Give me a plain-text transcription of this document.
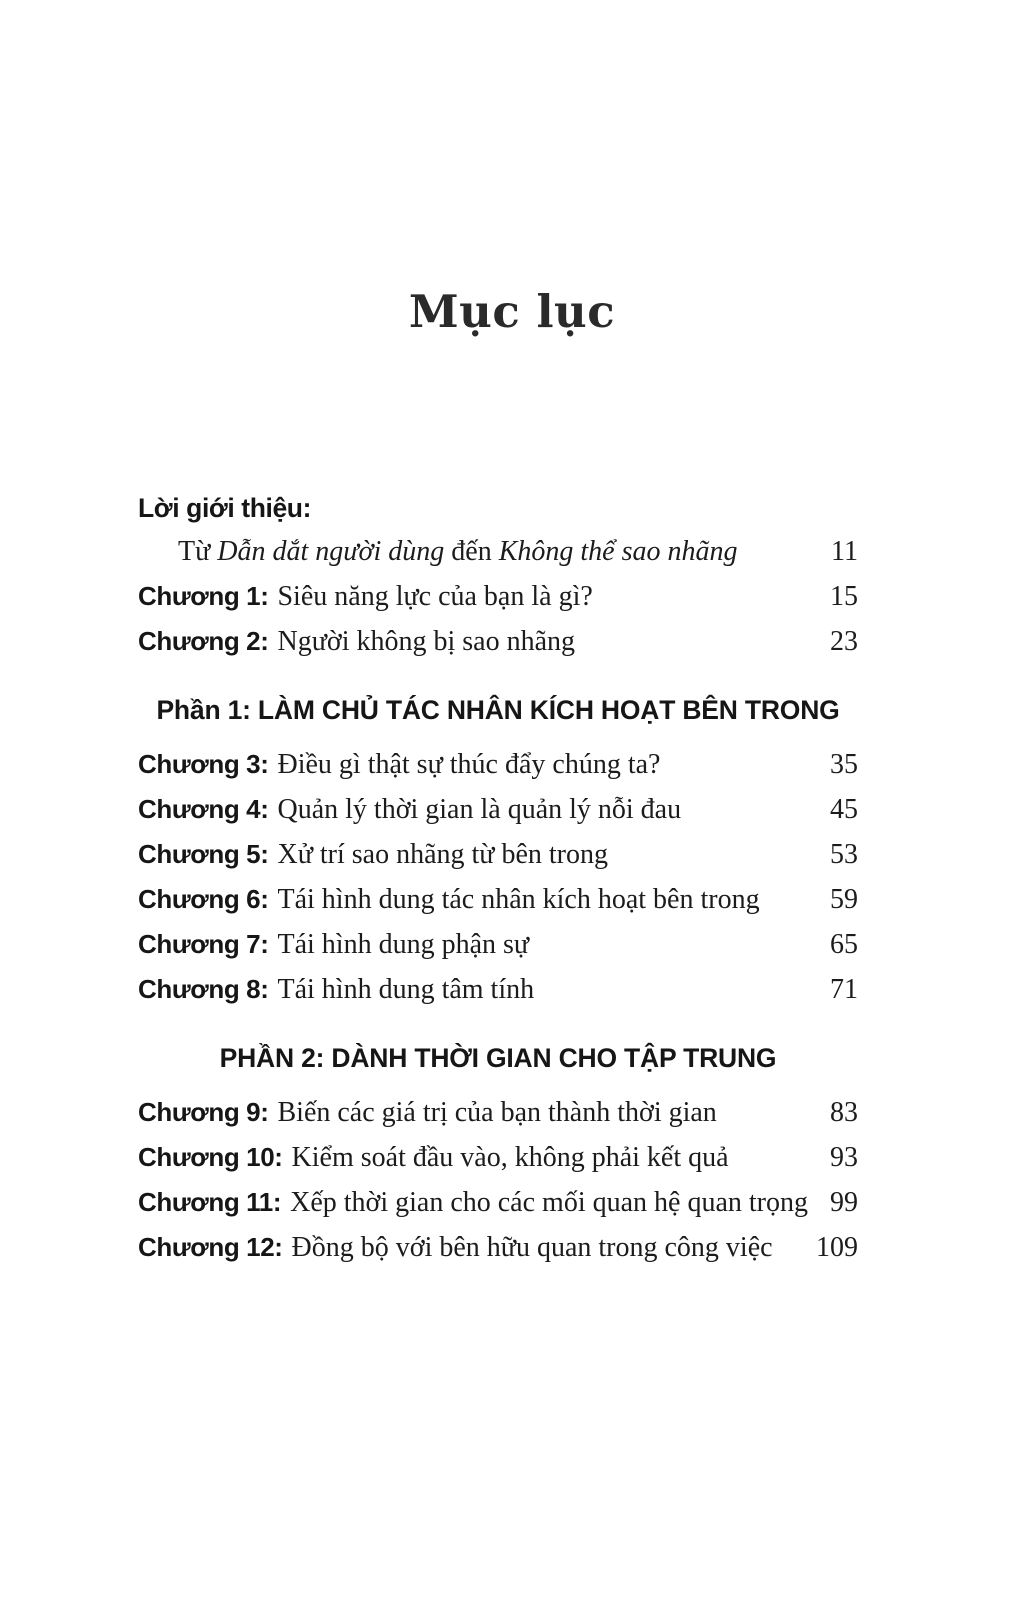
Mục lục
Lời giới thiệu:
Từ Dẫn dắt người dùng đến Không thể sao nhãng	11
Chương 1: Siêu năng lực của bạn là gì?	15
Chương 2: Người không bị sao nhãng	23
Phần 1: LÀM CHỦ TÁC NHÂN KÍCH HOẠT BÊN TRONG
Chương 3: Điều gì thật sự thúc đẩy chúng ta?	35
Chương 4: Quản lý thời gian là quản lý nỗi đau	45
Chương 5: Xử trí sao nhãng từ bên trong	53
Chương 6: Tái hình dung tác nhân kích hoạt bên trong	59
Chương 7: Tái hình dung phận sự	65
Chương 8: Tái hình dung tâm tính	71
PHẦN 2: DÀNH THỜI GIAN CHO TẬP TRUNG
Chương 9: Biến các giá trị của bạn thành thời gian	83
Chương 10: Kiểm soát đầu vào, không phải kết quả	93
Chương 11: Xếp thời gian cho các mối quan hệ quan trọng 99
Chương 12: Đồng bộ với bên hữu quan trong công việc 109
